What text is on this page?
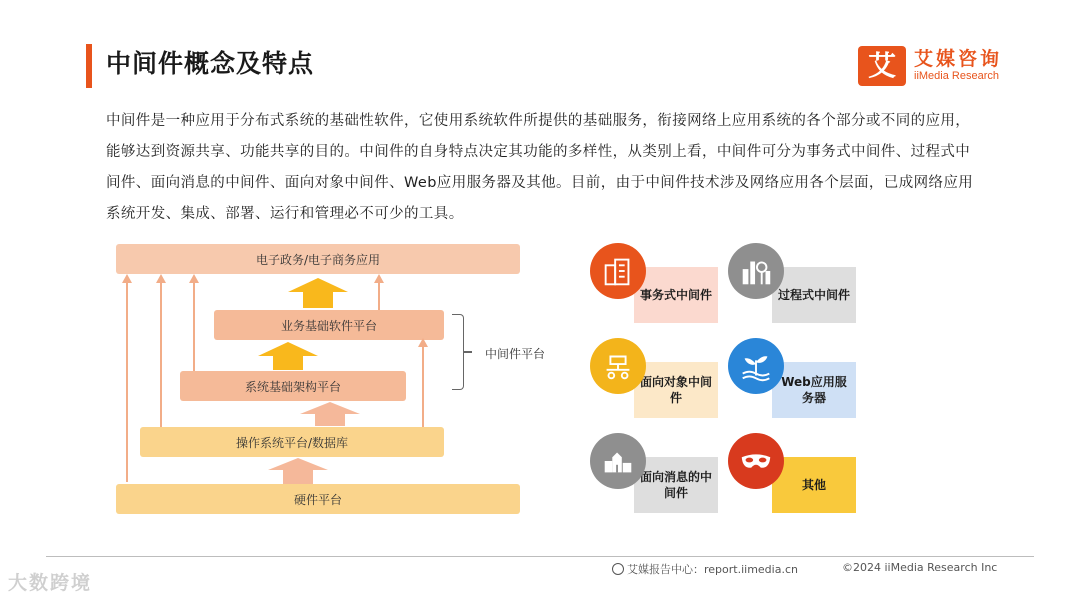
中间件概念及特点	艾 艾媒咨询
iiMedia Research
中间件是一种应用于分布式系统的基础性软件，它使用系统软件所提供的基础服务，衔接网络上应用系统的各个部分或不同的应用，能够达到资源共享、功能共享的目的。中间件的自身特点决定其功能的多样性，从类别上看，中间件可分为事务式中间件、过程式中间件、面向消息的中间件、面向对象中间件、Web应用服务器及其他。目前，由于中间件技术涉及网络应用各个层面，已成网络应用系统开发、集成、部署、运行和管理必不可少的工具。
电子政务/电子商务应用
业务基础软件平台
系统基础架构平台
操作系统平台/数据库
硬件平台
中间件平台
事务式中间件	过程式中间件
面向对象中间件
Web应用服务器
面向消息的中间件
其他
艾媒报告中心：report.iimedia.cn	©2024 iiMedia Research Inc
大数跨境
